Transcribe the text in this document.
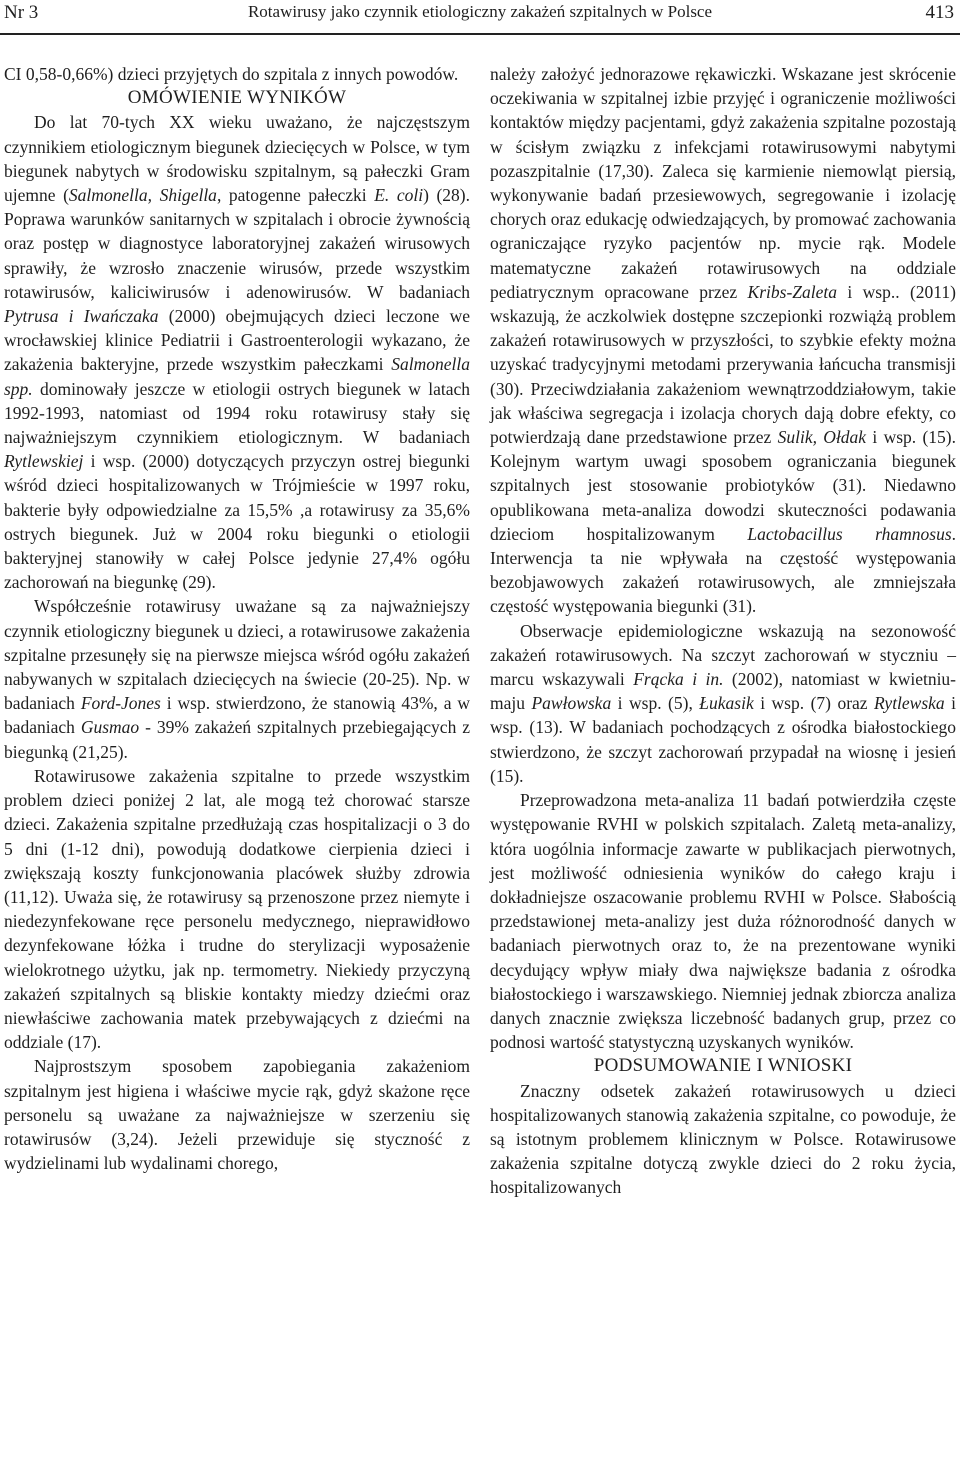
Rotawirusy jako czynnik etiologiczny zakażeń szpitalnych w Polsce
Nr 3	413

CI 0,58-0,66%) dzieci przyjętych do szpitala z innych powodów.

OMÓWIENIE WYNIKÓW

Do lat 70-tych XX wieku uważano, że najczęstszym czynnikiem etiologicznym biegunek dziecięcych w Polsce, w tym biegunek nabytych w środowisku szpitalnym, są pałeczki Gram ujemne (Salmonella, Shigella, patogenne pałeczki E. coli) (28). Poprawa warunków sanitarnych w szpitalach i obrocie żywnością oraz postęp w diagnostyce laboratoryjnej zakażeń wirusowych sprawiły, że wzrosło znaczenie wirusów, przede wszystkim rotawirusów, kaliciwirusów i adenowirusów. W badaniach Pytrusa i Iwańczaka (2000) obejmujących dzieci leczone we wrocławskiej klinice Pediatrii i Gastroenterologii wykazano, że zakażenia bakteryjne, przede wszystkim pałeczkami Salmonella spp. dominowały jeszcze w etiologii ostrych biegunek w latach 1992-1993, natomiast od 1994 roku rotawirusy stały się najważniejszym czynnikiem etiologicznym. W badaniach Rytlewskiej i wsp. (2000) dotyczących przyczyn ostrej biegunki wśród dzieci hospitalizowanych w Trójmieście w 1997 roku, bakterie były odpowiedzialne za 15,5% ,a rotawirusy za 35,6% ostrych biegunek. Już w 2004 roku biegunki o etiologii bakteryjnej stanowiły w całej Polsce jedynie 27,4% ogółu zachorowań na biegunkę (29).

Współcześnie rotawirusy uważane są za najważniejszy czynnik etiologiczny biegunek u dzieci, a rotawirusowe zakażenia szpitalne przesunęły się na pierwsze miejsca wśród ogółu zakażeń nabywanych w szpitalach dziecięcych na świecie (20-25). Np. w badaniach Ford-Jones i wsp. stwierdzono, że stanowią 43%, a w badaniach Gusmao - 39% zakażeń szpitalnych przebiegających z biegunką (21,25).

Rotawirusowe zakażenia szpitalne to przede wszystkim problem dzieci poniżej 2 lat, ale mogą też chorować starsze dzieci. Zakażenia szpitalne przedłużają czas hospitalizacji o 3 do 5 dni (1-12 dni), powodują dodatkowe cierpienia dzieci i zwiększają koszty funkcjonowania placówek służby zdrowia (11,12). Uważa się, że rotawirusy są przenoszone przez niemyte i niedezynfekowane ręce personelu medycznego, nieprawidłowo dezynfekowane łóżka i trudne do sterylizacji wyposażenie wielokrotnego użytku, jak np. termometry. Niekiedy przyczyną zakażeń szpitalnych są bliskie kontakty miedzy dziećmi oraz niewłaściwe zachowania matek przebywających z dziećmi na oddziale (17).

Najprostszym sposobem zapobiegania zakażeniom szpitalnym jest higiena i właściwe mycie rąk, gdyż skażone ręce personelu są uważane za najważniejsze w szerzeniu się rotawirusów (3,24). Jeżeli przewiduje się styczność z wydzielinami lub wydalinami chorego,

należy założyć jednorazowe rękawiczki. Wskazane jest skrócenie oczekiwania w szpitalnej izbie przyjęć i ograniczenie możliwości kontaktów między pacjentami, gdyż zakażenia szpitalne pozostają w ścisłym związku z infekcjami rotawirusowymi nabytymi pozaszpitalnie (17,30). Zaleca się karmienie niemowląt piersią, wykonywanie badań przesiewowych, segregowanie i izolację chorych oraz edukację odwiedzających, by promować zachowania ograniczające ryzyko pacjentów np. mycie rąk. Modele matematyczne zakażeń rotawirusowych na oddziale pediatrycznym opracowane przez Kribs-Zaleta i wsp.. (2011) wskazują, że aczkolwiek dostępne szczepionki rozwiążą problem zakażeń rotawirusowych w przyszłości, to szybkie efekty można uzyskać tradycyjnymi metodami przerywania łańcucha transmisji (30). Przeciwdziałania zakażeniom wewnątrzoddziałowym, takie jak właściwa segregacja i izolacja chorych dają dobre efekty, co potwierdzają dane przedstawione przez Sulik, Ołdak i wsp. (15). Kolejnym wartym uwagi sposobem ograniczania biegunek szpitalnych jest stosowanie probiotyków (31). Niedawno opublikowana meta-analiza dowodzi skuteczności podawania dzieciom hospitalizowanym Lactobacillus rhamnosus. Interwencja ta nie wpływała na częstość występowania bezobjawowych zakażeń rotawirusowych, ale zmniejszała częstość występowania biegunki (31).

Obserwacje epidemiologiczne wskazują na sezonowość zakażeń rotawirusowych. Na szczyt zachorowań w styczniu – marcu wskazywali Frącka i in. (2002), natomiast w kwietniu-maju Pawłowska i wsp. (5), Łukasik i wsp. (7) oraz Rytlewska i wsp. (13). W badaniach pochodzących z ośrodka białostockiego stwierdzono, że szczyt zachorowań przypadał na wiosnę i jesień (15).

Przeprowadzona meta-analiza 11 badań potwierdziła częste występowanie RVHI w polskich szpitalach. Zaletą meta-analizy, która uogólnia informacje zawarte w publikacjach pierwotnych, jest możliwość odniesienia wyników do całego kraju i dokładniejsze oszacowanie problemu RVHI w Polsce. Słabością przedstawionej meta-analizy jest duża różnorodność danych w badaniach pierwotnych oraz to, że na prezentowane wyniki decydujący wpływ miały dwa największe badania z ośrodka białostockiego i warszawskiego. Niemniej jednak zbiorcza analiza danych znacznie zwiększa liczebność badanych grup, przez co podnosi wartość statystyczną uzyskanych wyników.

PODSUMOWANIE I WNIOSKI

Znaczny odsetek zakażeń rotawirusowych u dzieci hospitalizowanych stanowią zakażenia szpitalne, co powoduje, że są istotnym problemem klinicznym w Polsce. Rotawirusowe zakażenia szpitalne dotyczą zwykle dzieci do 2 roku życia, hospitalizowanych
